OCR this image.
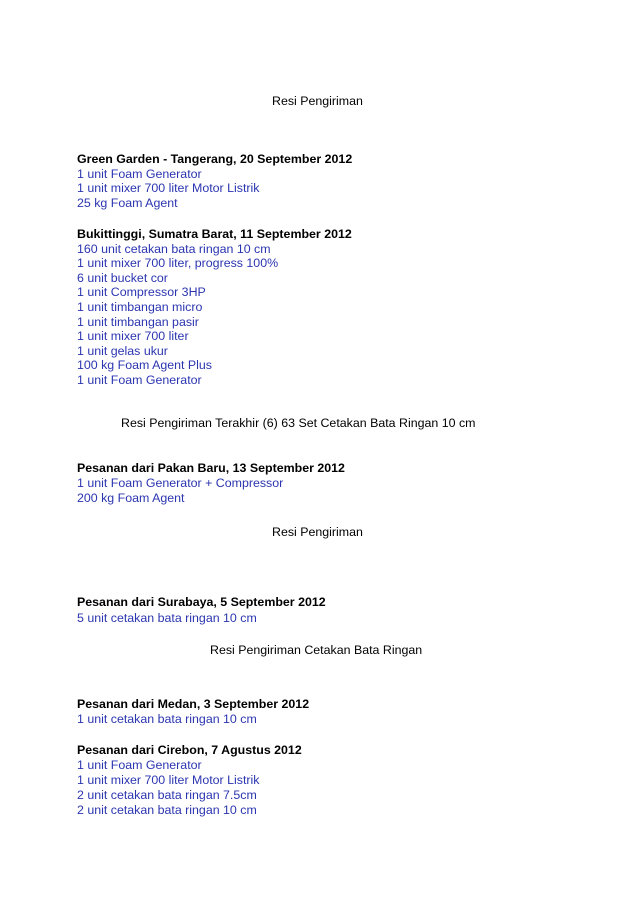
Resi Pengiriman
Green Garden - Tangerang, 20 September 2012
1 unit Foam Generator
1 unit mixer 700 liter Motor Listrik
25 kg Foam Agent
Bukittinggi, Sumatra Barat, 11 September 2012
160 unit cetakan bata ringan 10 cm
1 unit mixer 700 liter, progress 100%
6 unit bucket cor
1 unit Compressor 3HP
1 unit timbangan micro
1 unit timbangan pasir
1 unit mixer 700 liter
1 unit gelas ukur
100 kg Foam Agent Plus
1 unit Foam Generator
Resi Pengiriman Terakhir (6) 63 Set Cetakan Bata Ringan 10 cm
Pesanan dari Pakan Baru, 13 September 2012
1 unit Foam Generator + Compressor
200 kg Foam Agent
Resi Pengiriman
Pesanan dari Surabaya, 5 September 2012
5 unit cetakan bata ringan 10 cm
Resi Pengiriman Cetakan Bata Ringan
Pesanan dari Medan, 3 September 2012
1 unit cetakan bata ringan 10 cm
Pesanan dari Cirebon, 7 Agustus 2012
1 unit Foam Generator
1 unit mixer 700 liter Motor Listrik
2 unit cetakan bata ringan 7.5cm
2 unit cetakan bata ringan 10 cm
